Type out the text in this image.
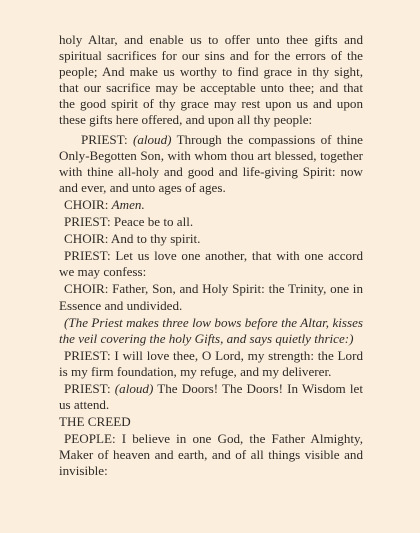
holy Altar, and enable us to offer unto thee gifts and spiritual sacrifices for our sins and for the errors of the people; And make us worthy to find grace in thy sight, that our sacrifice may be acceptable unto thee; and that the good spirit of thy grace may rest upon us and upon these gifts here offered, and upon all thy people:

PRIEST: (aloud) Through the compassions of thine Only-Begotten Son, with whom thou art blessed, together with thine all-holy and good and life-giving Spirit: now and ever, and unto ages of ages.

CHOIR: Amen.

PRIEST: Peace be to all.

CHOIR: And to thy spirit.

PRIEST: Let us love one another, that with one accord we may confess:

CHOIR: Father, Son, and Holy Spirit: the Trinity, one in Essence and undivided.

(The Priest makes three low bows before the Altar, kisses the veil covering the holy Gifts, and says quietly thrice:)

PRIEST: I will love thee, O Lord, my strength: the Lord is my firm foundation, my refuge, and my deliverer.

PRIEST: (aloud) The Doors! The Doors! In Wisdom let us attend.

THE CREED

PEOPLE: I believe in one God, the Father Almighty, Maker of heaven and earth, and of all things visible and invisible:
